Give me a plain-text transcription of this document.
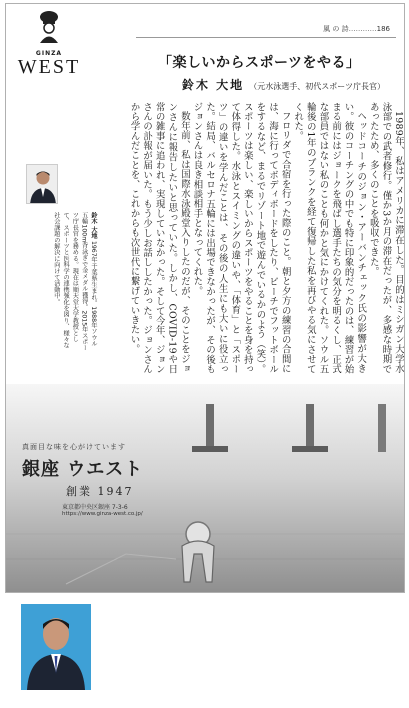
GINZA
WEST
風 の 詩…………186
「楽しいからスポーツをやる」
鈴木 大地 （元水泳選手、初代スポーツ庁長官）

1989年、私はアメリカに滞在した。目的はミシガン大学水泳部での武者修行。僅か3か月の滞在だったが、多感な時期であったため、多くのことを吸収できた。

ヘッドコーチのジョン・アーバンチェック氏の影響が大きい。彼のコーチングの中でも特に印象的だったのは、練習が始まる前にはジョークを飛ばし選手たちの気分を明るくし、正式な部員ではない私のことも何かと気にかけてくれた。ソウル五輪後の1年のブランクを経て復帰した私を再びやる気にさせてくれた。

フロリダで合宿を行った際のこと。朝と夕方の練習の合間には、海に行ってボディボードをしたり、ビーチでフットボールをするなど、まるでリゾート地で遊んでいるかのよう（笑）。スポーツは楽しい、楽しいからスポーツをやることを身を持って体得した。水泳とスイミングの違いや、「体育」と「スポーツ」の違いを学んだことは、その後の人生にも大いに役立った。結局、バルセロナ五輪には出場できなかったが、その後もジョンさんは良き相談相手となってくれた。

数年前、私は国際水泳殿堂入りしたのだが、そのことをジョンさんに報告したいと思っていた。しかし、COVID-19や日常の雑事に追われ、実現していなかった。そして今年、ジョンさんの訃報が届いた。もう少しお話ししたかった。ジョンさんから学んだことを、これからも次世代に繋げていきたい。

鈴木 大地 1967年千葉県生まれ。1988年ソウル五輪100m背泳ぎで金メダル獲得。2015年スポーツ庁長官を務める。現在は順天堂大学教授として、スポーツと医科学の連携強化を図り、様々な社会課題の解決に向けて活動中。
真面目な味を心がけています
銀座 ウエスト
創業 1947
東京都中央区銀座 7-3-6
https://www.ginza-west.co.jp/
